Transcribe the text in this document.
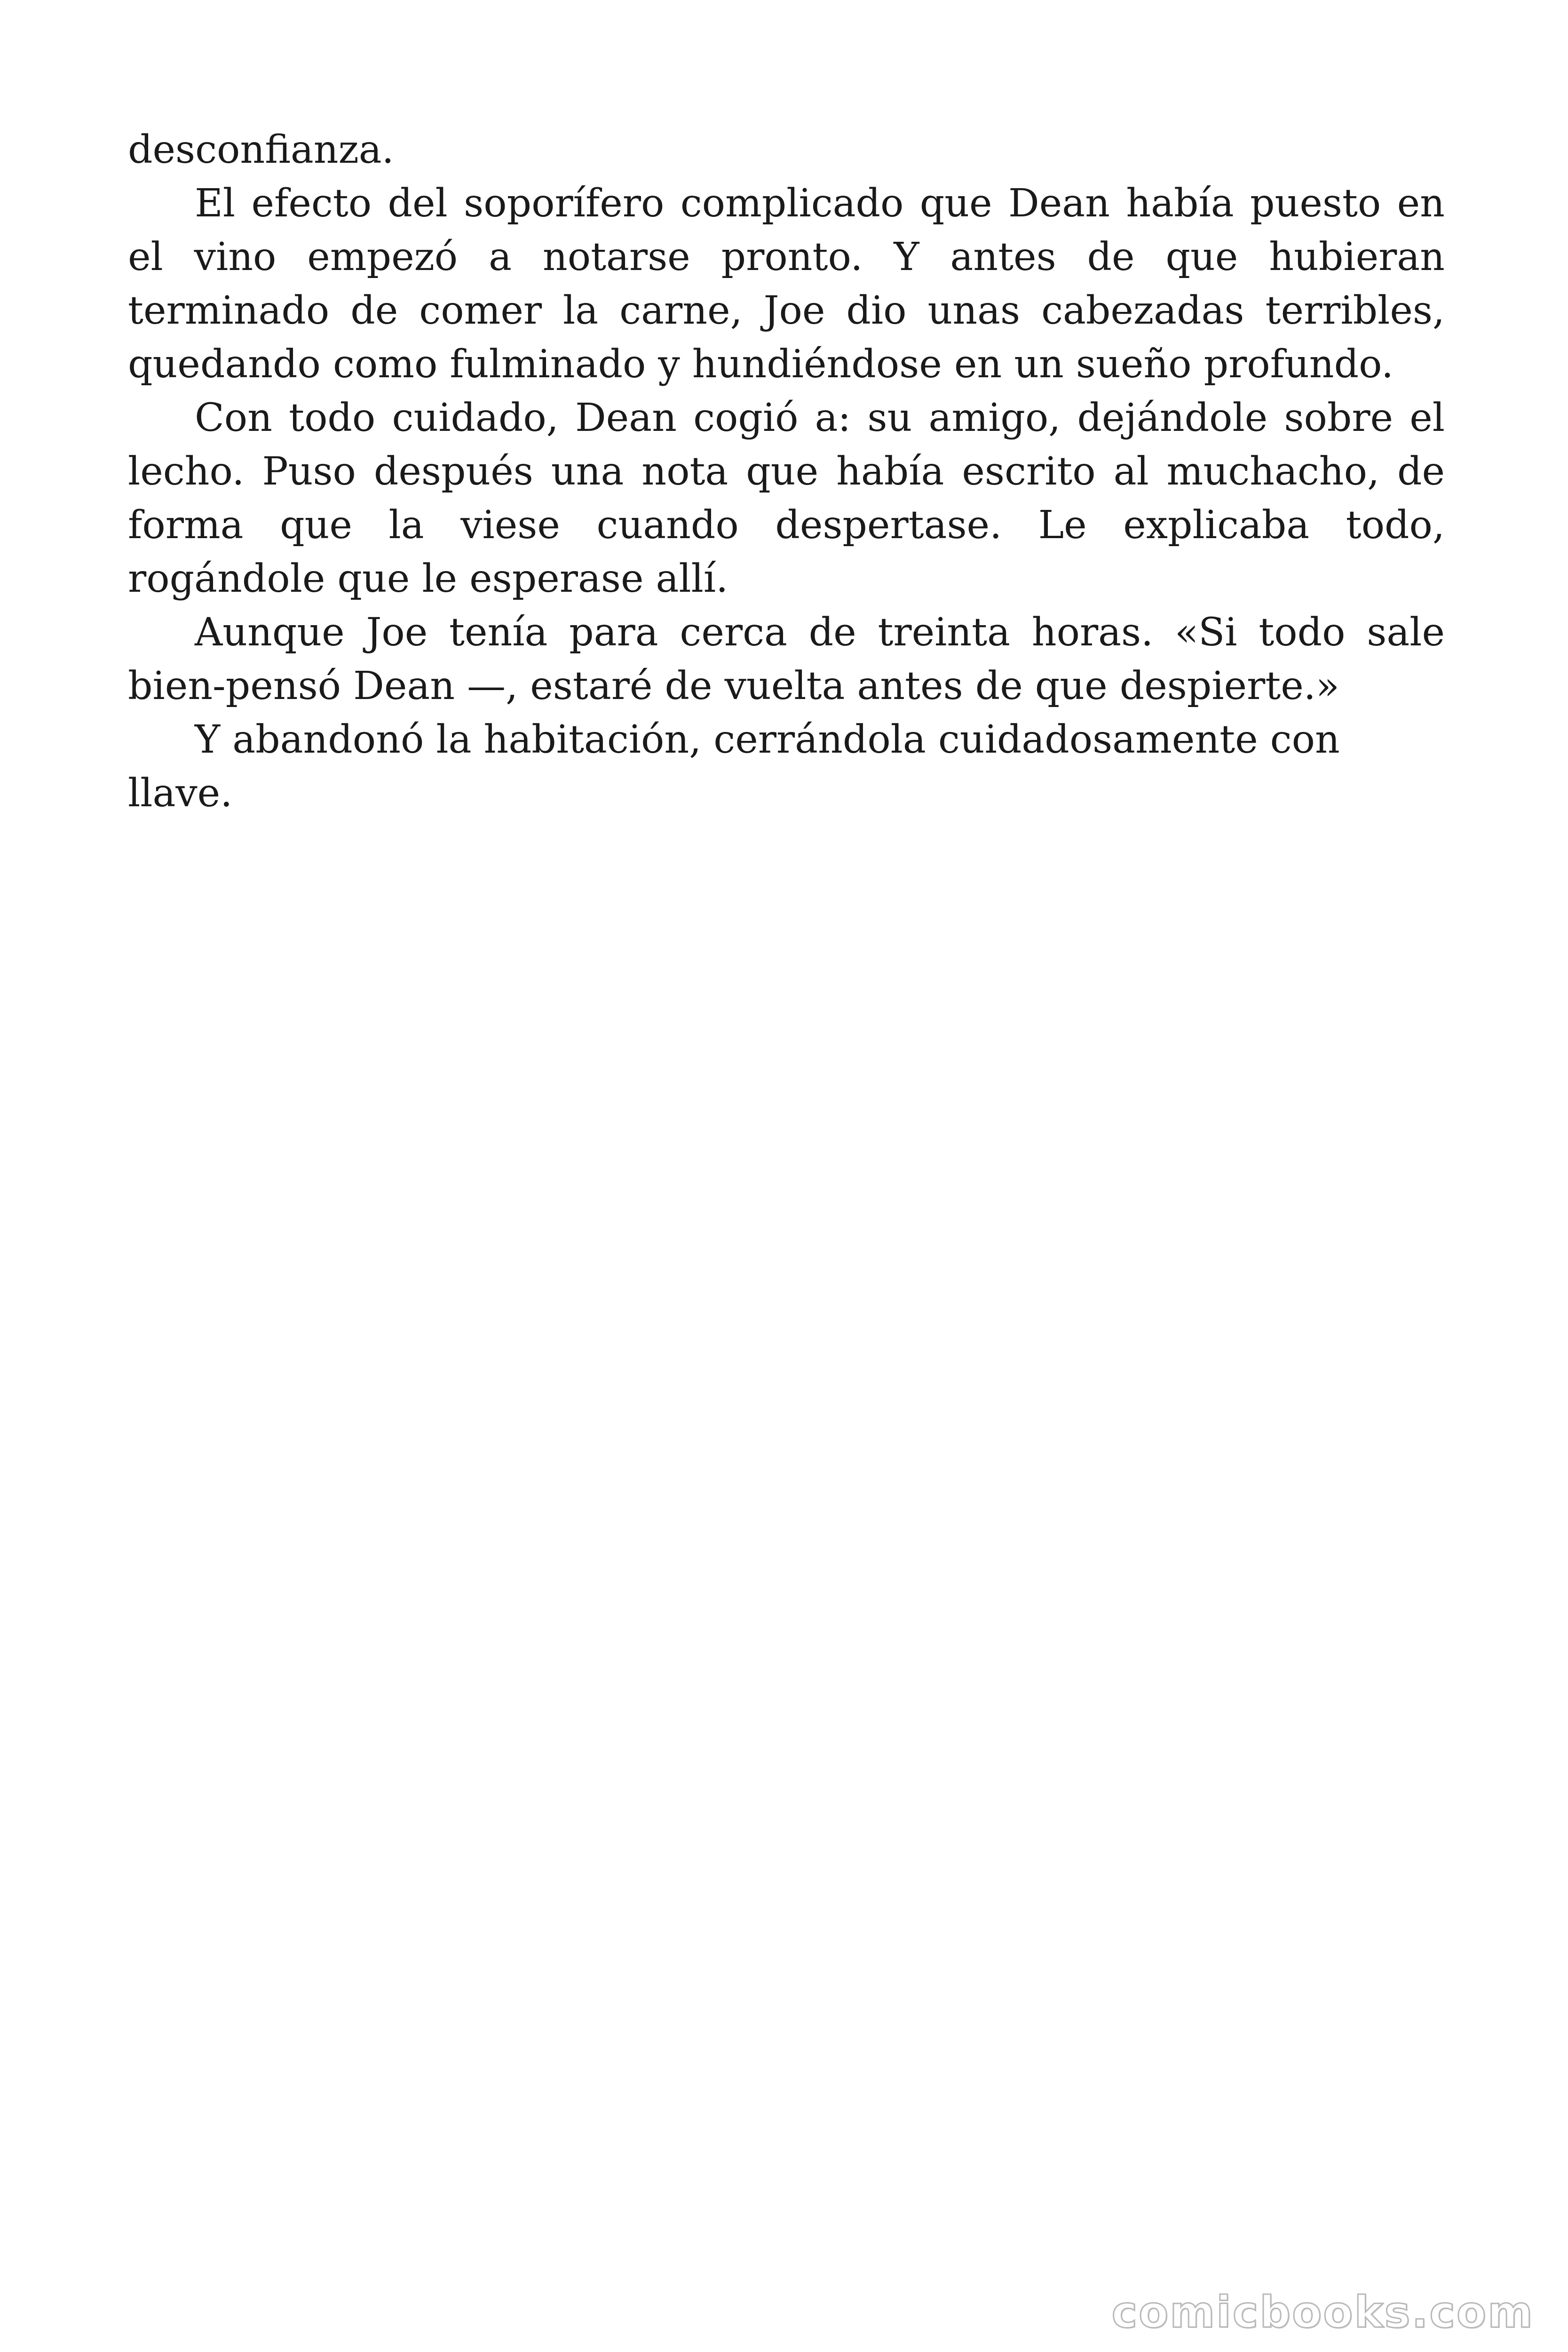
desconfianza.

El efecto del soporífero complicado que Dean había puesto en el vino empezó a notarse pronto. Y antes de que hubieran terminado de comer la carne, Joe dio unas cabezadas terribles, quedando como fulminado y hundiéndose en un sueño profundo.

Con todo cuidado, Dean cogió a: su amigo, dejándole sobre el lecho. Puso después una nota que había escrito al muchacho, de forma que la viese cuando despertase. Le explicaba todo, rogándole que le esperase allí.

Aunque Joe tenía para cerca de treinta horas. «Si todo sale bien-pensó Dean —, estaré de vuelta antes de que despierte.»

Y abandonó la habitación, cerrándola cuidadosamente con llave.

comicbooks.com
